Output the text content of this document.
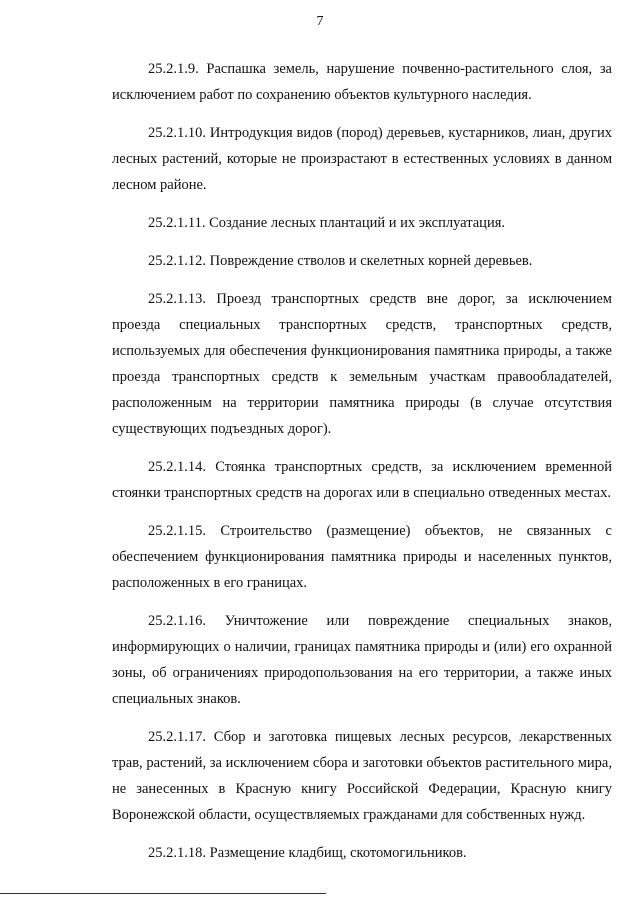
7

25.2.1.9. Распашка земель, нарушение почвенно-растительного слоя, за исключением работ по сохранению объектов культурного наследия.

25.2.1.10. Интродукция видов (пород) деревьев, кустарников, лиан, других лесных растений, которые не произрастают в естественных условиях в данном лесном районе.

25.2.1.11. Создание лесных плантаций и их эксплуатация.

25.2.1.12. Повреждение стволов и скелетных корней деревьев.

25.2.1.13. Проезд транспортных средств вне дорог, за исключением проезда специальных транспортных средств, транспортных средств, используемых для обеспечения функционирования памятника природы, а также проезда транспортных средств к земельным участкам правообладателей, расположенным на территории памятника природы (в случае отсутствия существующих подъездных дорог).

25.2.1.14. Стоянка транспортных средств, за исключением временной стоянки транспортных средств на дорогах или в специально отведенных местах.

25.2.1.15. Строительство (размещение) объектов, не связанных с обеспечением функционирования памятника природы и населенных пунктов, расположенных в его границах.

25.2.1.16. Уничтожение или повреждение специальных знаков, информирующих о наличии, границах памятника природы и (или) его охранной зоны, об ограничениях природопользования на его территории, а также иных специальных знаков.

25.2.1.17. Сбор и заготовка пищевых лесных ресурсов, лекарственных трав, растений, за исключением сбора и заготовки объектов растительного мира, не занесенных в Красную книгу Российской Федерации, Красную книгу Воронежской области, осуществляемых гражданами для собственных нужд.

25.2.1.18. Размещение кладбищ, скотомогильников.
